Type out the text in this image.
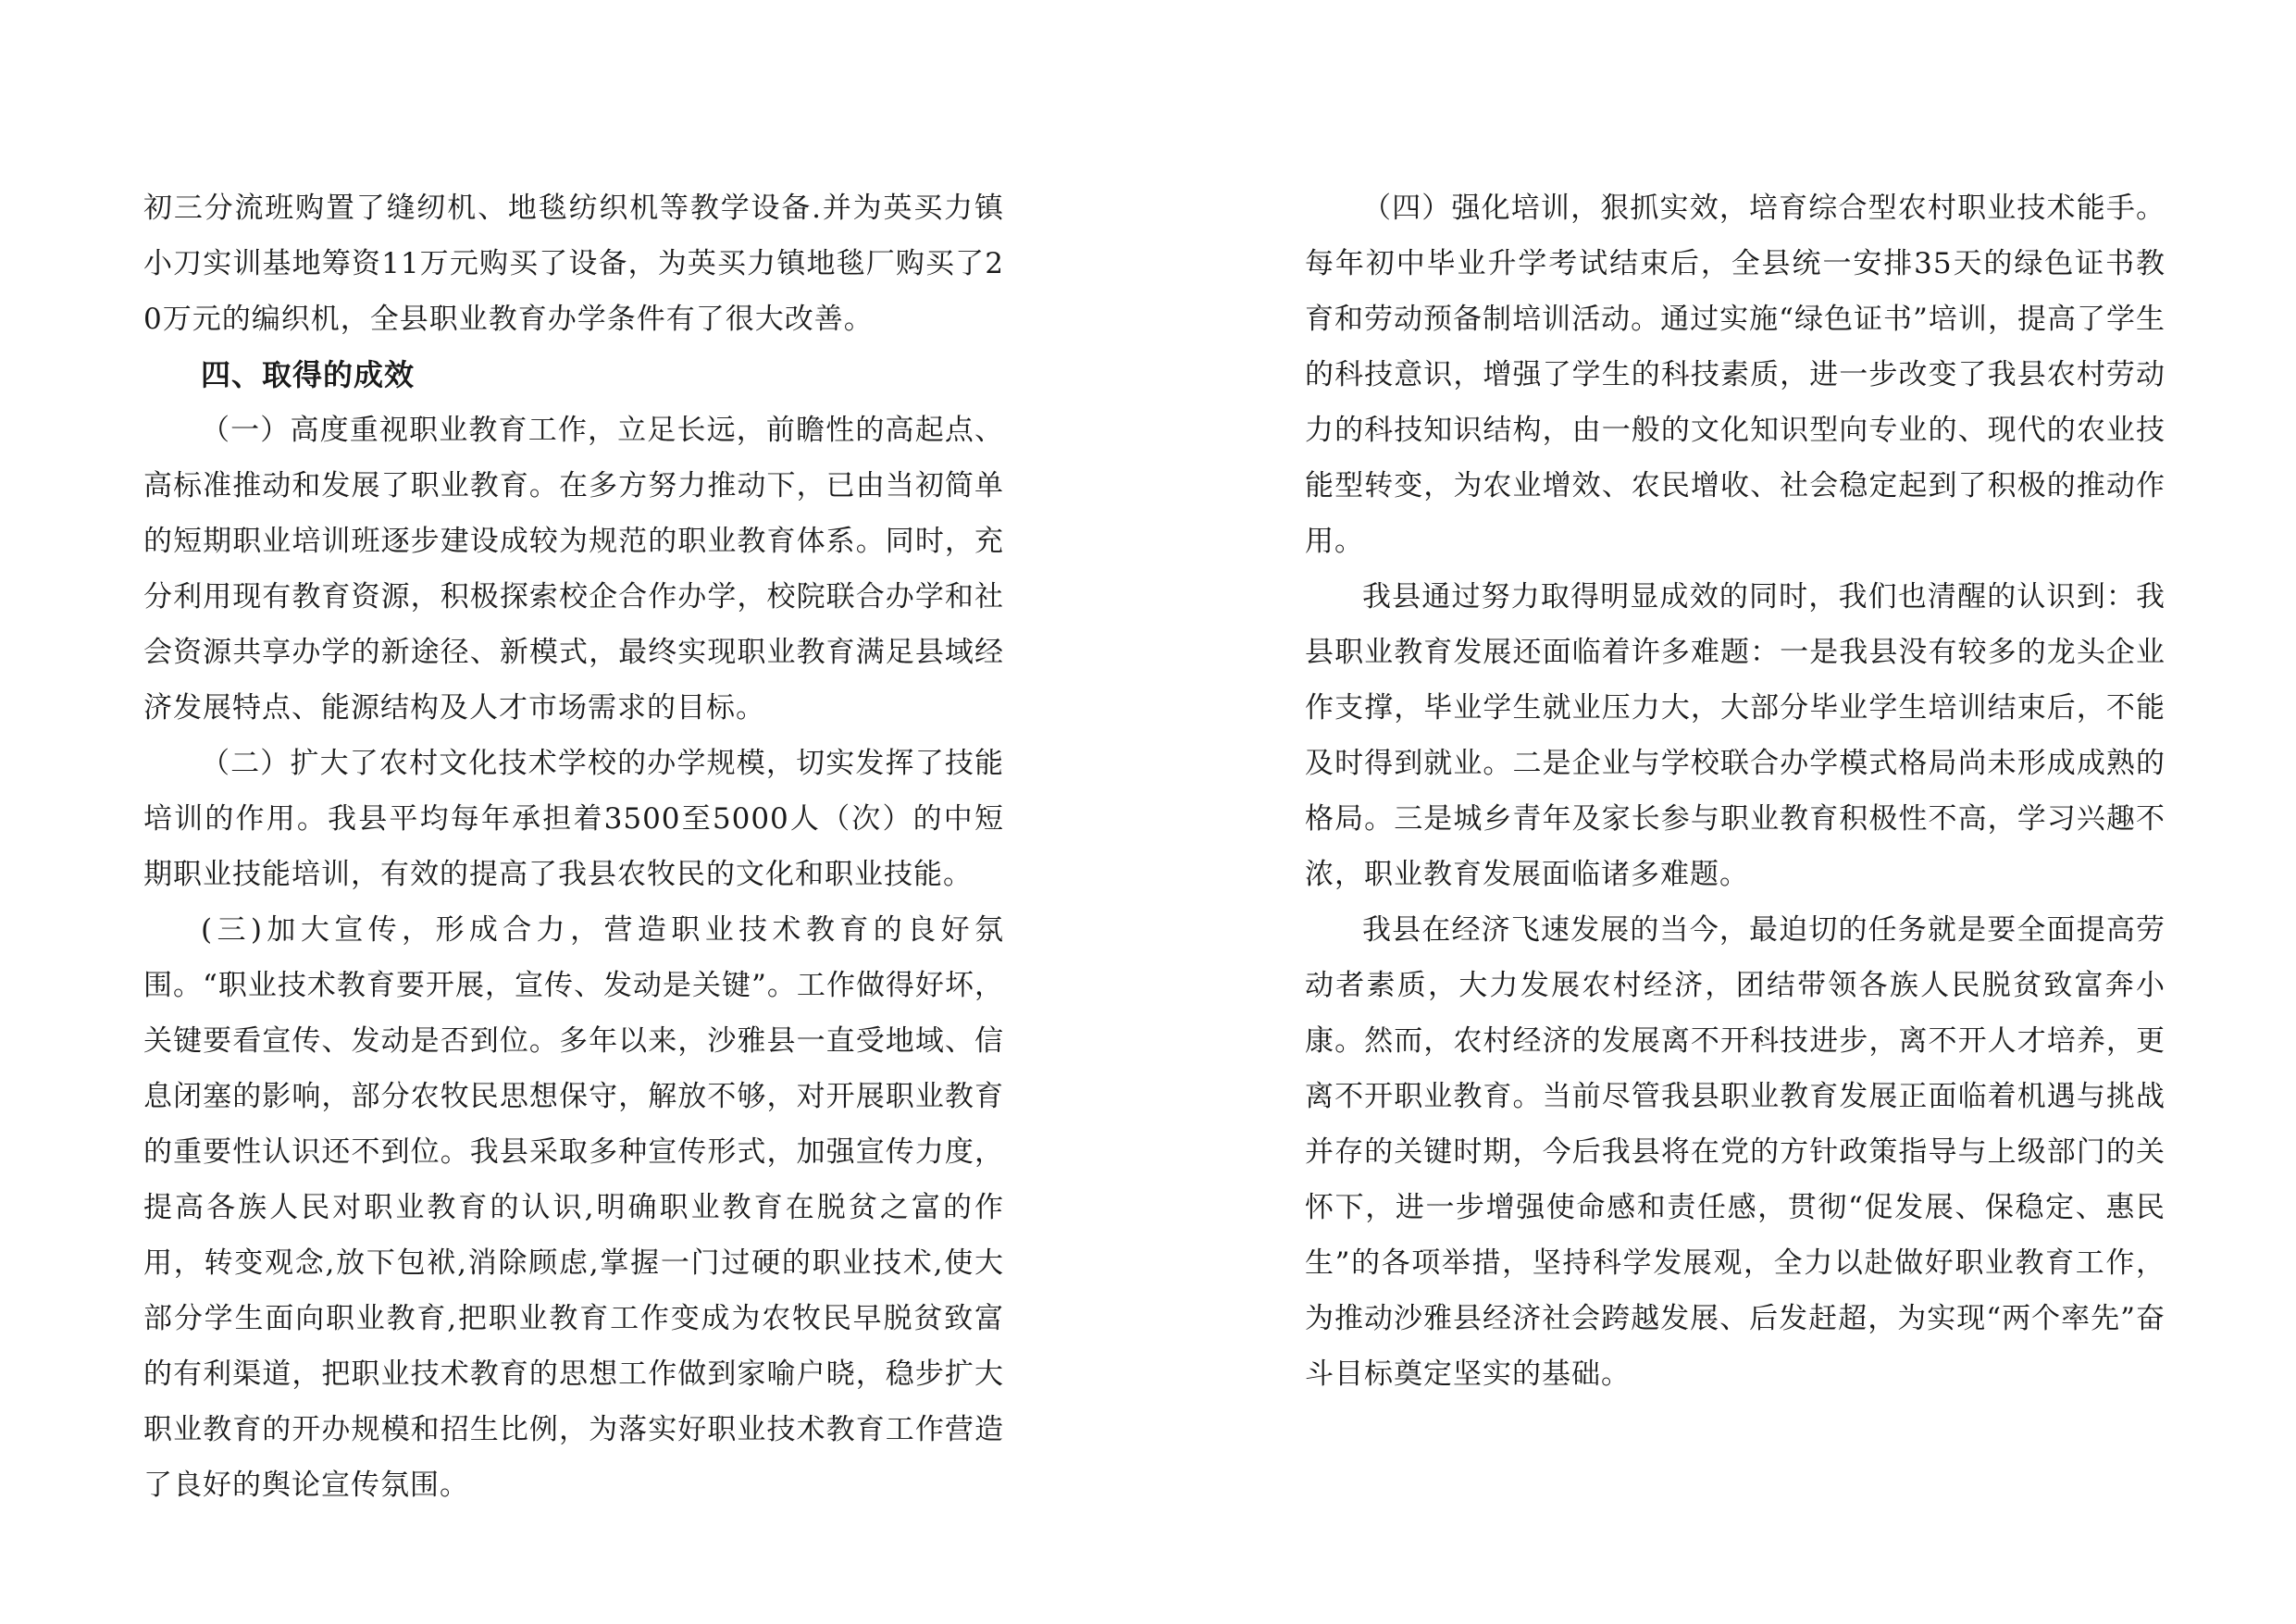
初三分流班购置了缝纫机、地毯纺织机等教学设备.并为英买力镇小刀实训基地筹资11万元购买了设备，为英买力镇地毯厂购买了20万元的编织机，全县职业教育办学条件有了很大改善。

四、取得的成效

（一）高度重视职业教育工作，立足长远，前瞻性的高起点、高标准推动和发展了职业教育。在多方努力推动下，已由当初简单的短期职业培训班逐步建设成较为规范的职业教育体系。同时，充分利用现有教育资源，积极探索校企合作办学，校院联合办学和社会资源共享办学的新途径、新模式，最终实现职业教育满足县域经济发展特点、能源结构及人才市场需求的目标。

（二）扩大了农村文化技术学校的办学规模，切实发挥了技能培训的作用。我县平均每年承担着3500至5000人（次）的中短期职业技能培训，有效的提高了我县农牧民的文化和职业技能。

(三)加大宣传，形成合力，营造职业技术教育的良好氛围。“职业技术教育要开展，宣传、发动是关键”。工作做得好坏，关键要看宣传、发动是否到位。多年以来，沙雅县一直受地域、信息闭塞的影响，部分农牧民思想保守，解放不够，对开展职业教育的重要性认识还不到位。我县采取多种宣传形式，加强宣传力度，提高各族人民对职业教育的认识,明确职业教育在脱贫之富的作用，转变观念,放下包袱,消除顾虑,掌握一门过硬的职业技术,使大部分学生面向职业教育,把职业教育工作变成为农牧民早脱贫致富的有利渠道，把职业技术教育的思想工作做到家喻户晓，稳步扩大职业教育的开办规模和招生比例，为落实好职业技术教育工作营造了良好的舆论宣传氛围。

（四）强化培训，狠抓实效，培育综合型农村职业技术能手。每年初中毕业升学考试结束后，全县统一安排35天的绿色证书教育和劳动预备制培训活动。通过实施“绿色证书”培训，提高了学生的科技意识，增强了学生的科技素质，进一步改变了我县农村劳动力的科技知识结构，由一般的文化知识型向专业的、现代的农业技能型转变，为农业增效、农民增收、社会稳定起到了积极的推动作用。

我县通过努力取得明显成效的同时，我们也清醒的认识到：我县职业教育发展还面临着许多难题：一是我县没有较多的龙头企业作支撑，毕业学生就业压力大，大部分毕业学生培训结束后，不能及时得到就业。二是企业与学校联合办学模式格局尚未形成成熟的格局。三是城乡青年及家长参与职业教育积极性不高，学习兴趣不浓，职业教育发展面临诸多难题。

我县在经济飞速发展的当今，最迫切的任务就是要全面提高劳动者素质，大力发展农村经济，团结带领各族人民脱贫致富奔小康。然而，农村经济的发展离不开科技进步，离不开人才培养，更离不开职业教育。当前尽管我县职业教育发展正面临着机遇与挑战并存的关键时期，今后我县将在党的方针政策指导与上级部门的关怀下，进一步增强使命感和责任感，贯彻“促发展、保稳定、惠民生”的各项举措，坚持科学发展观，全力以赴做好职业教育工作，为推动沙雅县经济社会跨越发展、后发赶超，为实现“两个率先”奋斗目标奠定坚实的基础。
